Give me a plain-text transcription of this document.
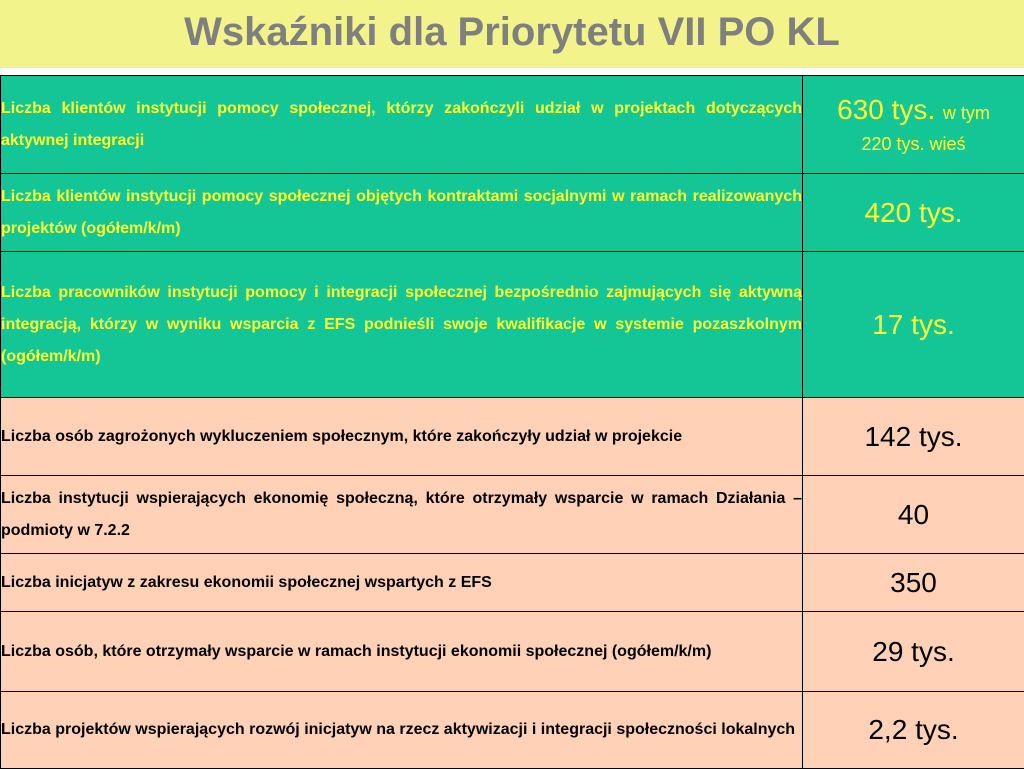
Wskaźniki dla Priorytetu VII PO KL
Liczba klientów instytucji pomocy społecznej, którzy zakończyli udział w projektach dotyczących aktywnej integracji	630 tys. w tym
220 tys. wieś

Liczba klientów instytucji pomocy społecznej objętych kontraktami socjalnymi w ramach realizowanych projektów (ogółem/k/m)	420 tys.
Liczba pracowników instytucji pomocy i integracji społecznej bezpośrednio zajmujących się aktywną integracją, którzy w wyniku wsparcia z EFS podnieśli swoje kwalifikacje w systemie pozaszkolnym (ogółem/k/m)	17 tys.
Liczba osób zagrożonych wykluczeniem społecznym, które zakończyły udział w projekcie	142 tys.
Liczba instytucji wspierających ekonomię społeczną, które otrzymały wsparcie w ramach Działania – podmioty w 7.2.2	40
Liczba inicjatyw z zakresu ekonomii społecznej wspartych z EFS	350
Liczba osób, które otrzymały wsparcie w ramach instytucji ekonomii społecznej (ogółem/k/m)	29 tys.
Liczba projektów wspierających rozwój inicjatyw na rzecz aktywizacji i integracji społeczności lokalnych	2,2 tys.
